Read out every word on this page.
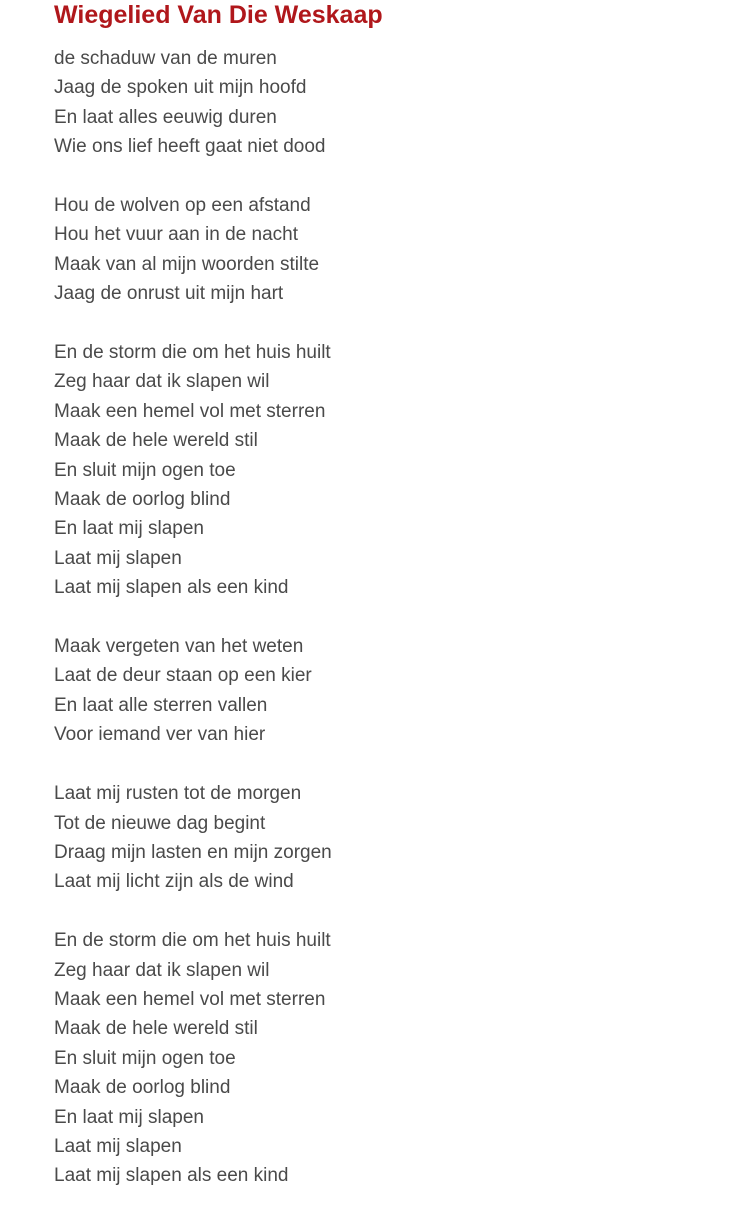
Wiegelied Van Die Weskaap
de schaduw van de muren
Jaag de spoken uit mijn hoofd
En laat alles eeuwig duren
Wie ons lief heeft gaat niet dood
Hou de wolven op een afstand
Hou het vuur aan in de nacht
Maak van al mijn woorden stilte
Jaag de onrust uit mijn hart
En de storm die om het huis huilt
Zeg haar dat ik slapen wil
Maak een hemel vol met sterren
Maak de hele wereld stil
En sluit mijn ogen toe
Maak de oorlog blind
En laat mij slapen
Laat mij slapen
Laat mij slapen als een kind
Maak vergeten van het weten
Laat de deur staan op een kier
En laat alle sterren vallen
Voor iemand ver van hier
Laat mij rusten tot de morgen
Tot de nieuwe dag begint
Draag mijn lasten en mijn zorgen
Laat mij licht zijn als de wind
En de storm die om het huis huilt
Zeg haar dat ik slapen wil
Maak een hemel vol met sterren
Maak de hele wereld stil
En sluit mijn ogen toe
Maak de oorlog blind
En laat mij slapen
Laat mij slapen
Laat mij slapen als een kind
